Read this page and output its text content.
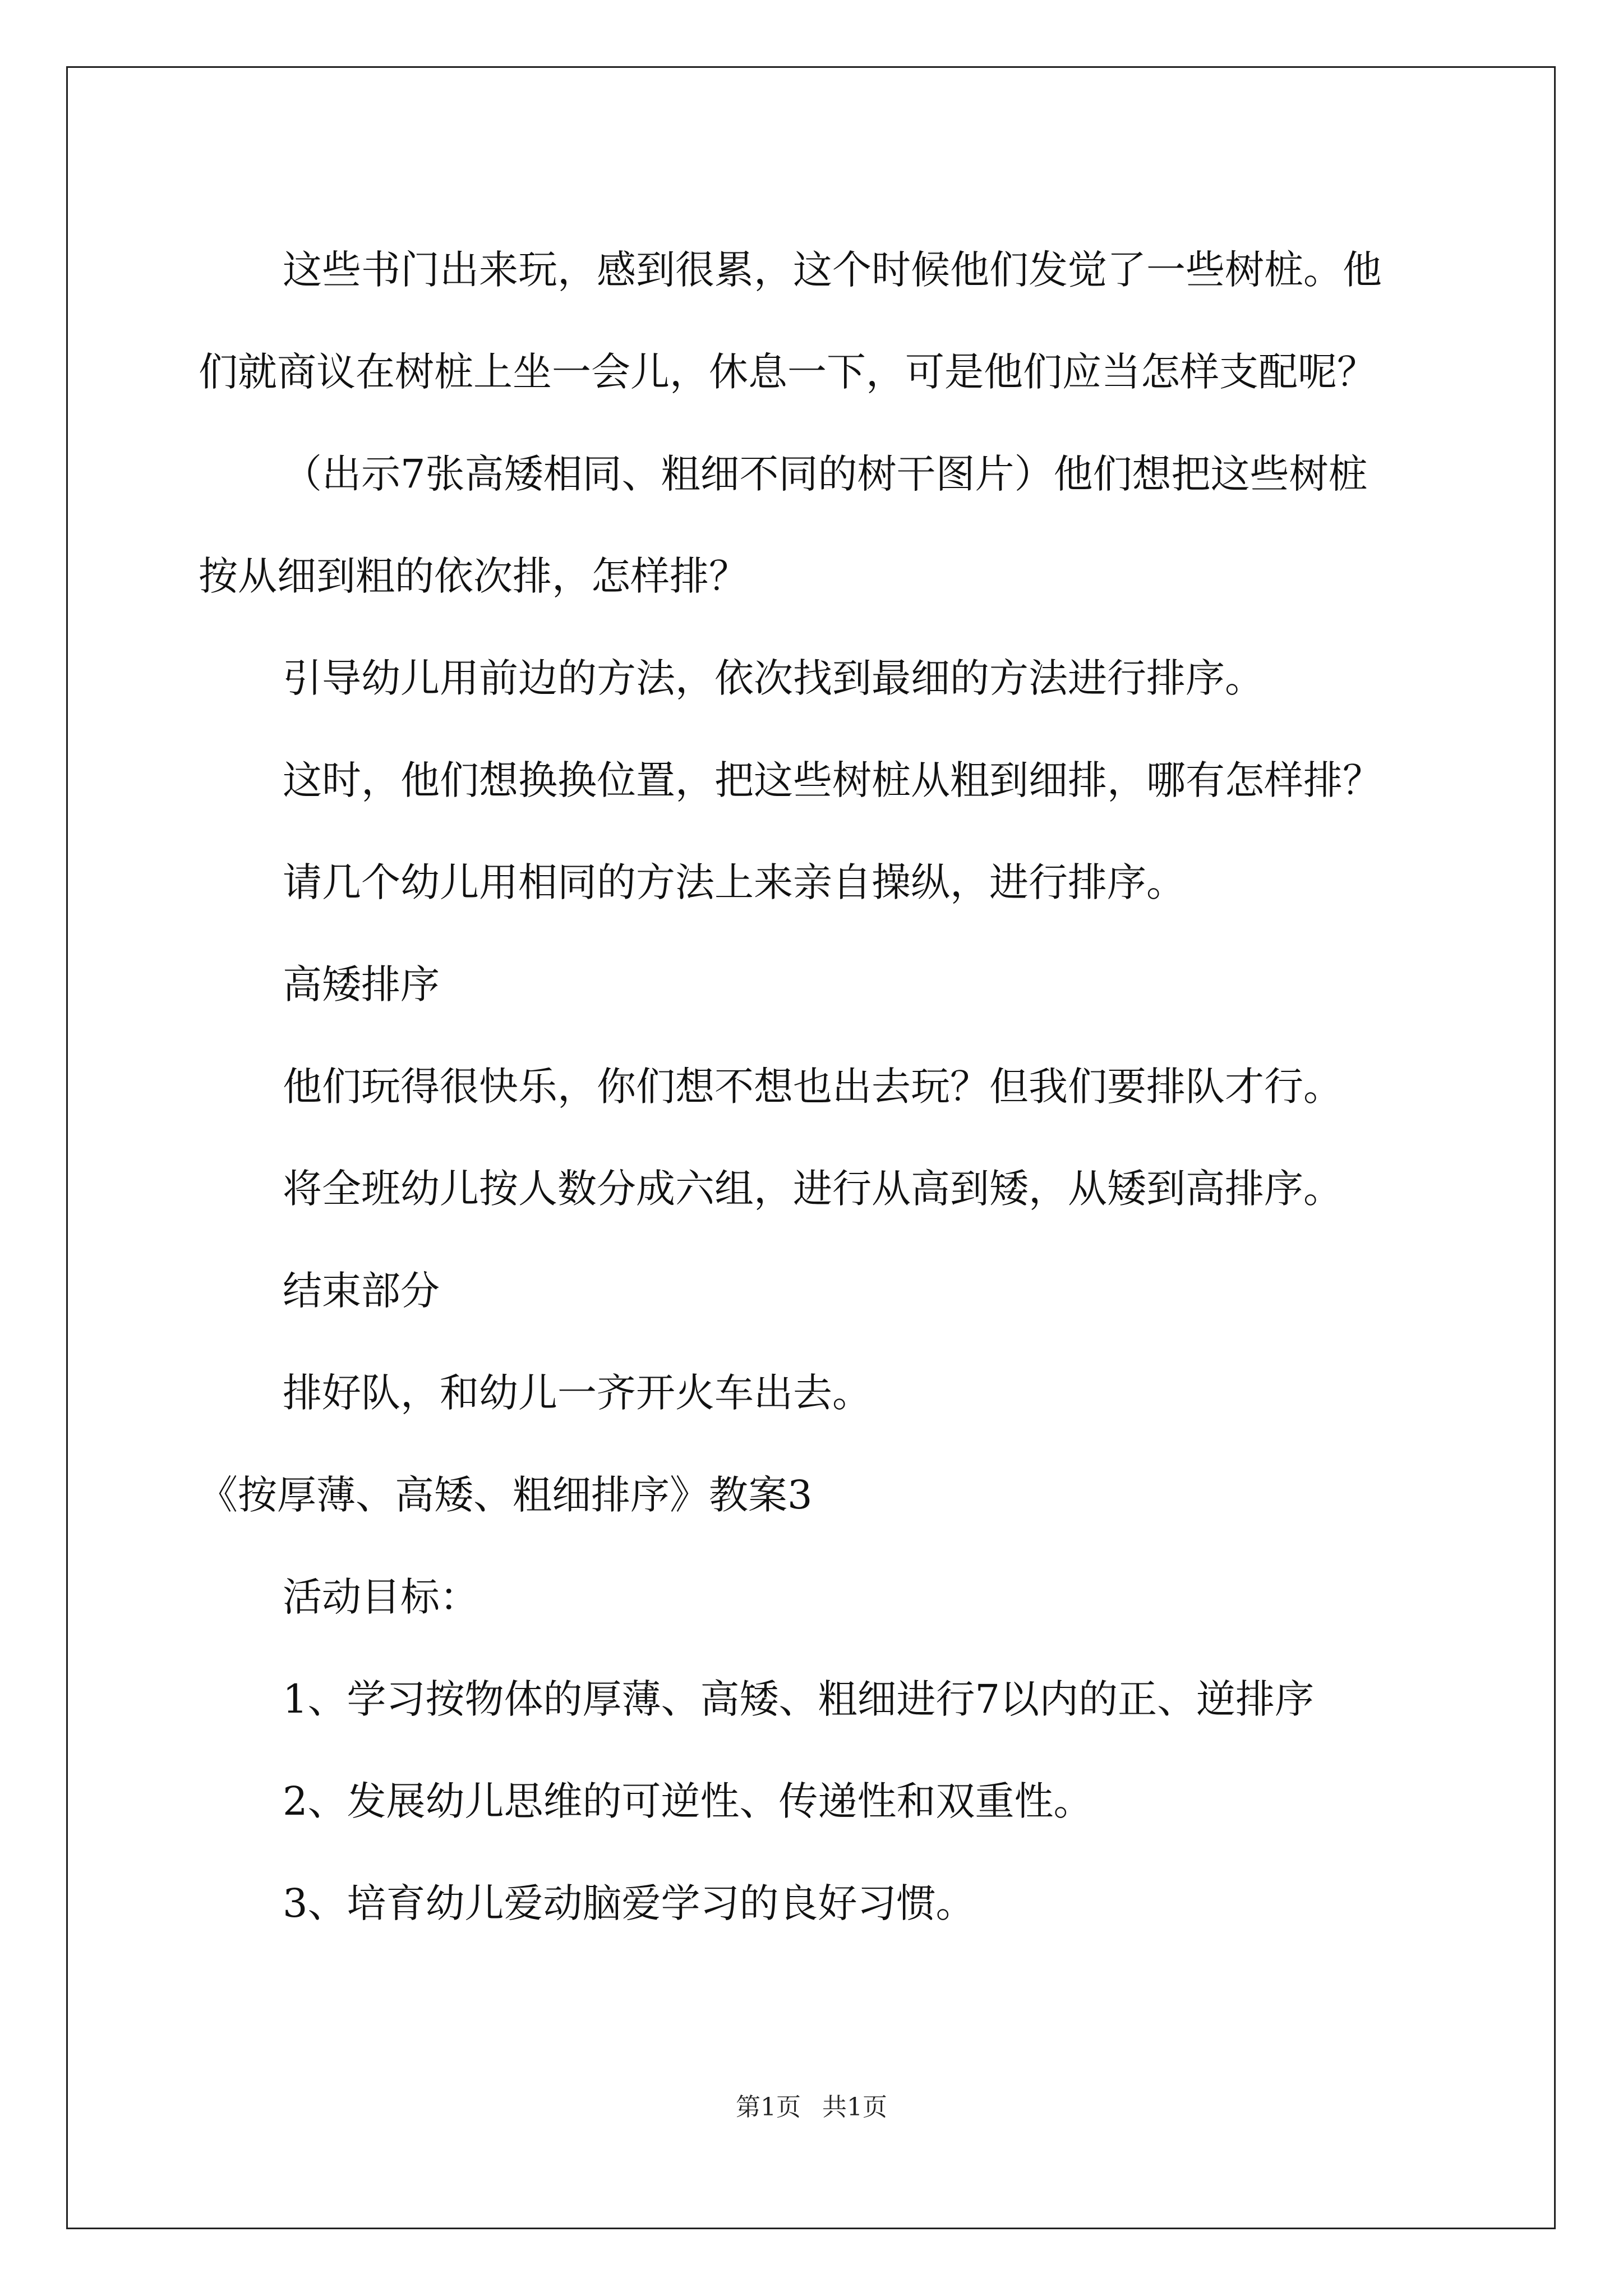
这些书门出来玩，感到很累，这个时候他们发觉了一些树桩。他

们就商议在树桩上坐一会儿，休息一下，可是他们应当怎样支配呢？

（出示7张高矮相同、粗细不同的树干图片）他们想把这些树桩

按从细到粗的依次排，怎样排？

引导幼儿用前边的方法，依次找到最细的方法进行排序。

这时，他们想换换位置，把这些树桩从粗到细排，哪有怎样排？

请几个幼儿用相同的方法上来亲自操纵，进行排序。

高矮排序

他们玩得很快乐，你们想不想也出去玩？但我们要排队才行。

将全班幼儿按人数分成六组，进行从高到矮，从矮到高排序。

结束部分

排好队，和幼儿一齐开火车出去。

《按厚薄、高矮、粗细排序》教案3

活动目标：

1、学习按物体的厚薄、高矮、粗细进行7以内的正、逆排序

2、发展幼儿思维的可逆性、传递性和双重性。

3、培育幼儿爱动脑爱学习的良好习惯。

第1页 共1页
